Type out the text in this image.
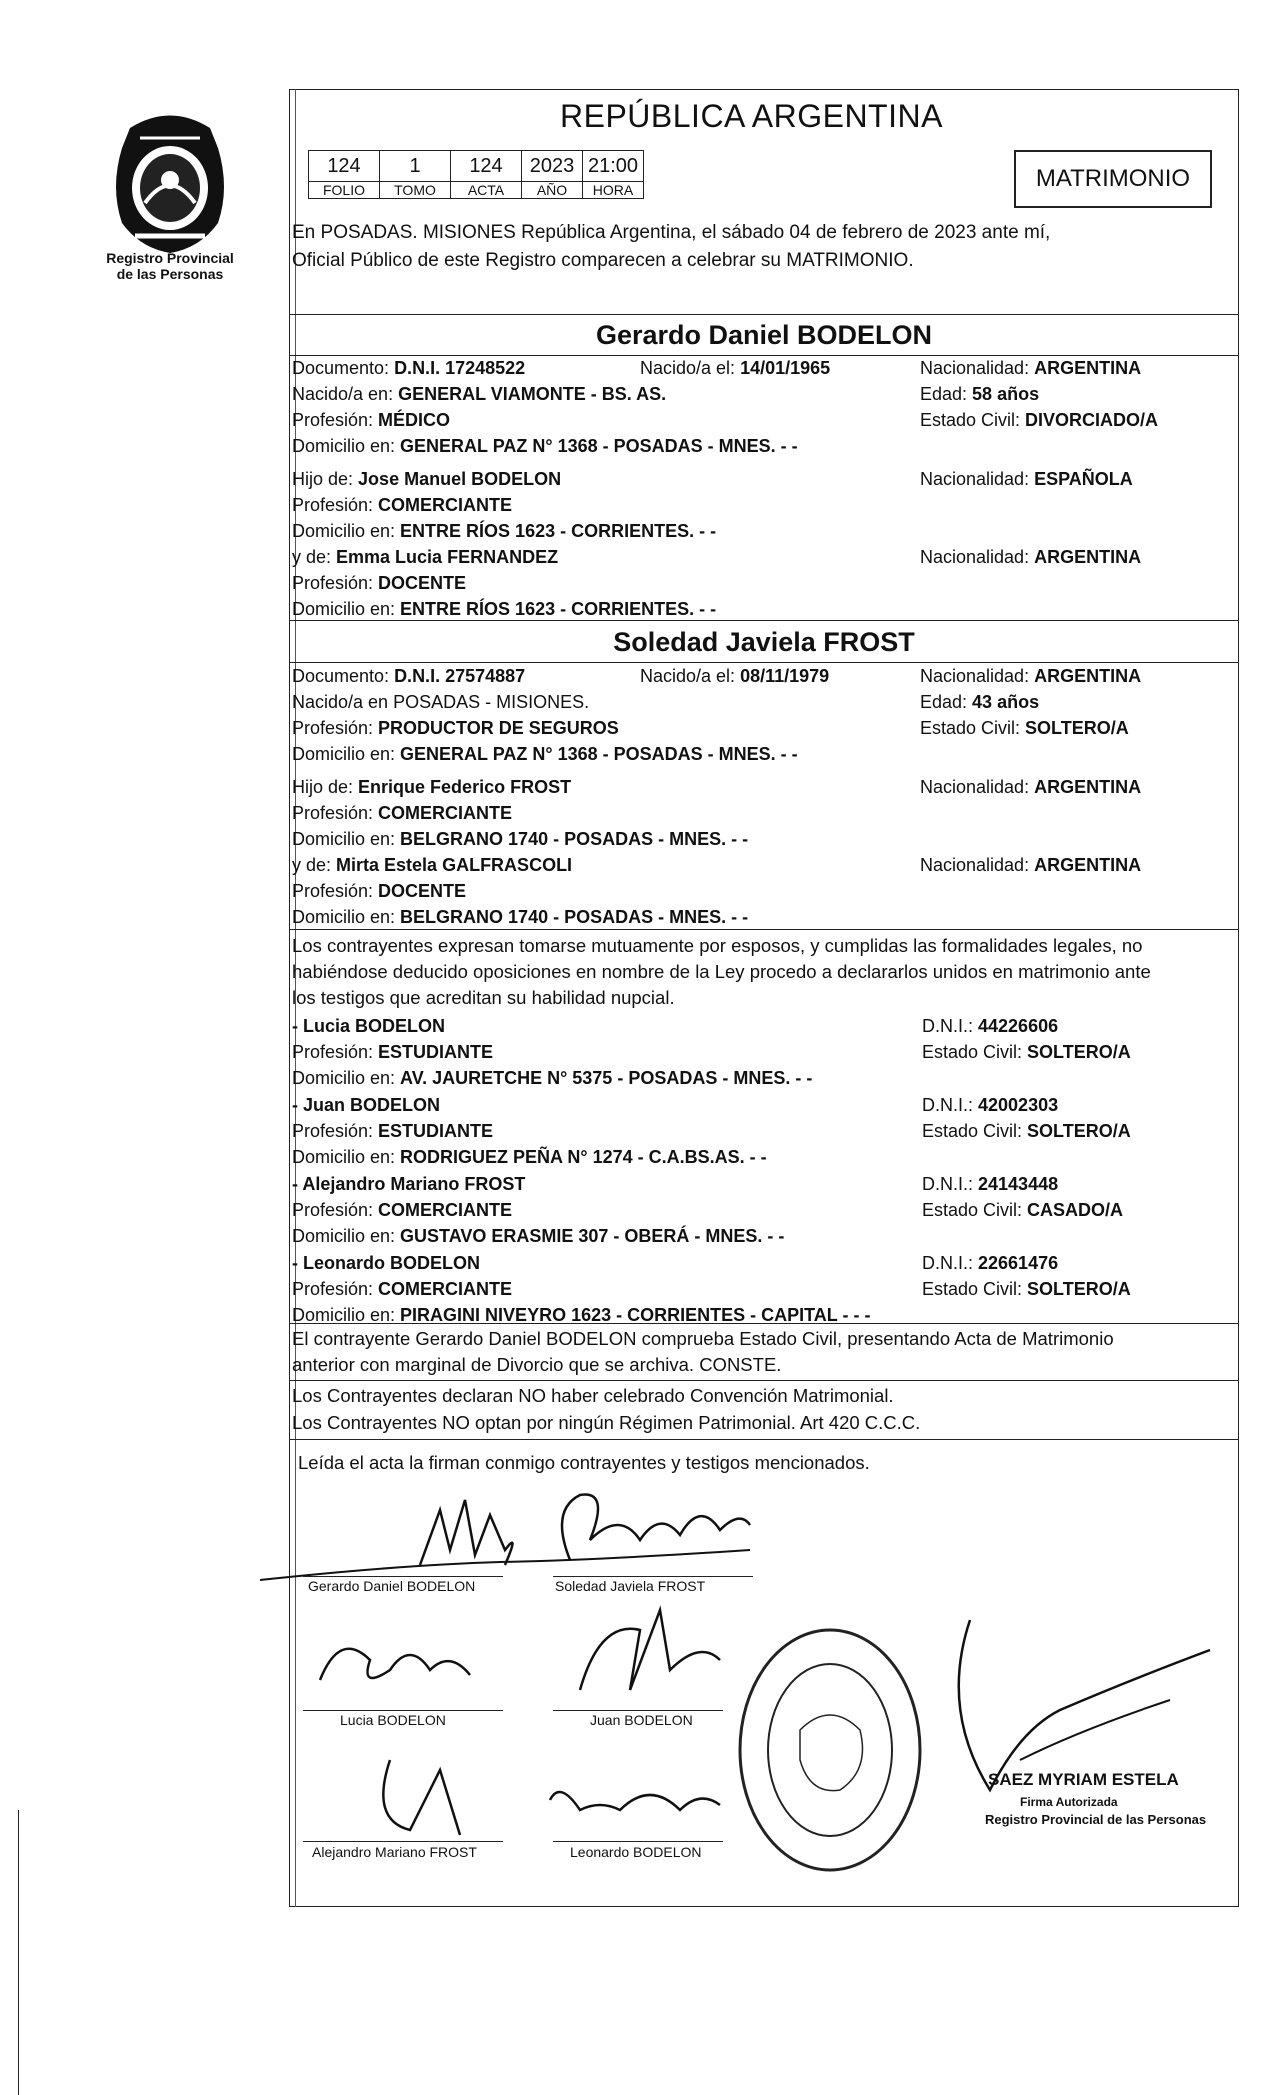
Registro Provincial
de las Personas
REPÚBLICA ARGENTINA
124	1	124	2023	21:00
FOLIO	TOMO	ACTA	AÑO	HORA	MATRIMONIO
En POSADAS. MISIONES República Argentina, el sábado 04 de febrero de 2023 ante mí,
Oficial Público de este Registro comparecen a celebrar su MATRIMONIO.
Gerardo Daniel BODELON
Documento: D.N.I. 17248522	Nacido/a el: 14/01/1965	Nacionalidad: ARGENTINA
Nacido/a en: GENERAL VIAMONTE - BS. AS.	Edad: 58 años
Profesión: MÉDICO	Estado Civil: DIVORCIADO/A
Domicilio en: GENERAL PAZ N° 1368 - POSADAS - MNES. - -
Hijo de: Jose Manuel BODELON	Nacionalidad: ESPAÑOLA
Profesión: COMERCIANTE
Domicilio en: ENTRE RÍOS 1623 - CORRIENTES. - -
y de: Emma Lucia FERNANDEZ	Nacionalidad: ARGENTINA
Profesión: DOCENTE
Domicilio en: ENTRE RÍOS 1623 - CORRIENTES. - -
Soledad Javiela FROST
Documento: D.N.I. 27574887	Nacido/a el: 08/11/1979	Nacionalidad: ARGENTINA
Nacido/a en POSADAS - MISIONES.	Edad: 43 años
Profesión: PRODUCTOR DE SEGUROS	Estado Civil: SOLTERO/A
Domicilio en: GENERAL PAZ N° 1368 - POSADAS - MNES. - -
Hijo de: Enrique Federico FROST	Nacionalidad: ARGENTINA
Profesión: COMERCIANTE
Domicilio en: BELGRANO 1740 - POSADAS - MNES. - -
y de: Mirta Estela GALFRASCOLI	Nacionalidad: ARGENTINA
Profesión: DOCENTE
Domicilio en: BELGRANO 1740 - POSADAS - MNES. - -
Los contrayentes expresan tomarse mutuamente por esposos, y cumplidas las formalidades legales, no
habiéndose deducido oposiciones en nombre de la Ley procedo a declararlos unidos en matrimonio ante
los testigos que acreditan su habilidad nupcial.
- Lucia BODELON	D.N.I.: 44226606
Profesión: ESTUDIANTE	Estado Civil: SOLTERO/A
Domicilio en: AV. JAURETCHE N° 5375 - POSADAS - MNES. - -
- Juan BODELON	D.N.I.: 42002303
Profesión: ESTUDIANTE	Estado Civil: SOLTERO/A
Domicilio en: RODRIGUEZ PEÑA N° 1274 - C.A.BS.AS. - -
- Alejandro Mariano FROST	D.N.I.: 24143448
Profesión: COMERCIANTE	Estado Civil: CASADO/A
Domicilio en: GUSTAVO ERASMIE 307 - OBERÁ - MNES. - -
- Leonardo BODELON	D.N.I.: 22661476
Profesión: COMERCIANTE	Estado Civil: SOLTERO/A
Domicilio en: PIRAGINI NIVEYRO 1623 - CORRIENTES - CAPITAL - - -
El contrayente Gerardo Daniel BODELON comprueba Estado Civil, presentando Acta de Matrimonio
anterior con marginal de Divorcio que se archiva. CONSTE.
Los Contrayentes declaran NO haber celebrado Convención Matrimonial.
Los Contrayentes NO optan por ningún Régimen Patrimonial. Art 420 C.C.C.
Leída el acta la firman conmigo contrayentes y testigos mencionados.
Gerardo Daniel BODELON	Soledad Javiela FROST
Lucia BODELON	Juan BODELON
Alejandro Mariano FROST	Leonardo BODELON
SAEZ MYRIAM ESTELA
Firma Autorizada
Registro Provincial de las Personas
